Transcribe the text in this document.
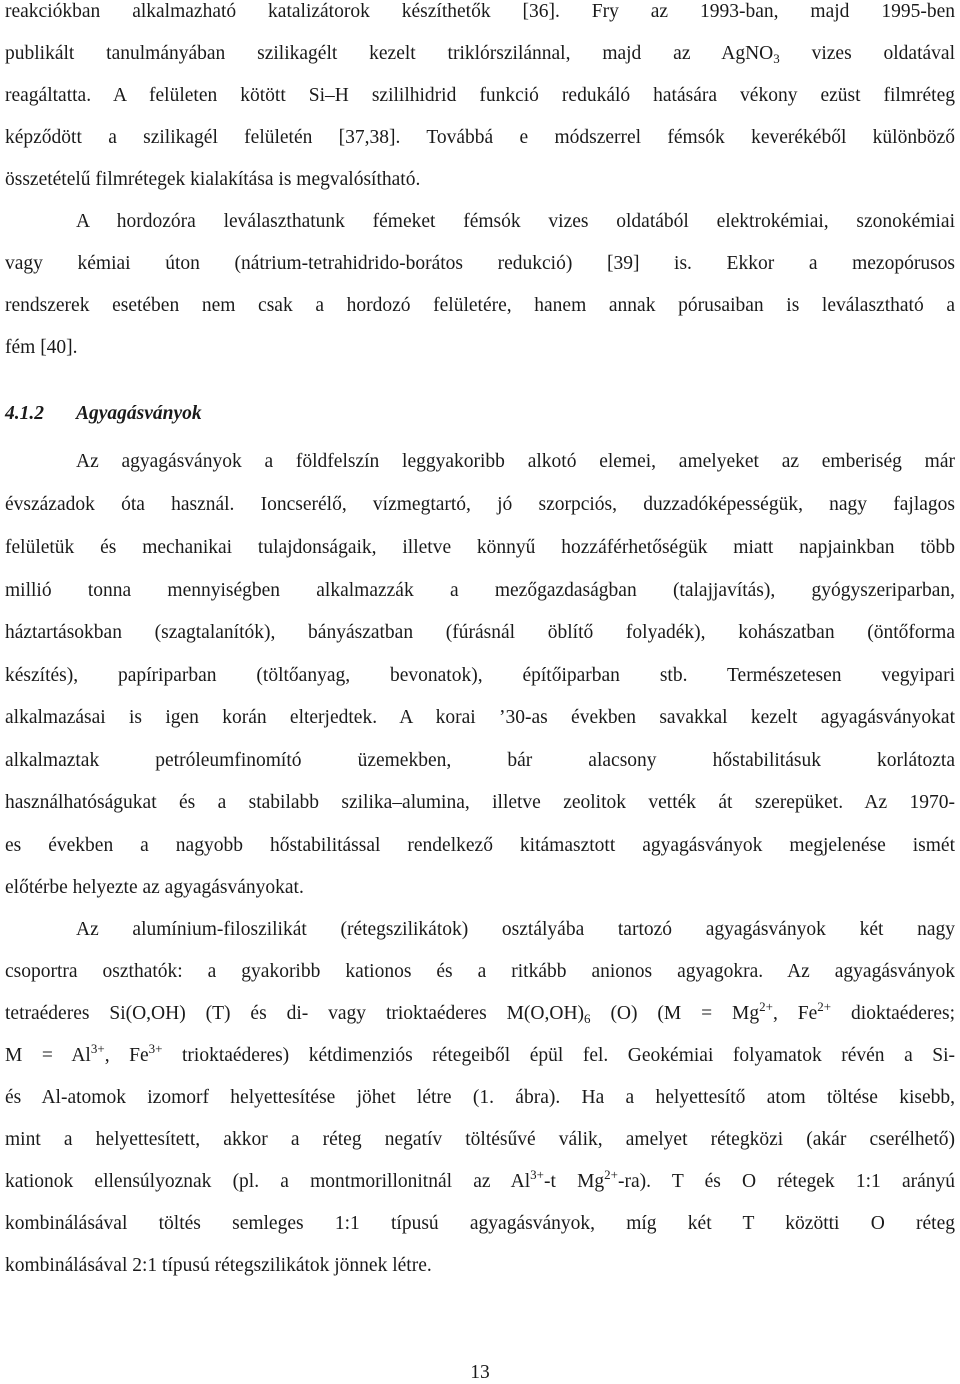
reakciókban alkalmazható katalizátorok készíthetők [36]. Fry az 1993-ban, majd 1995-ben
publikált tanulmányában szilikagélt kezelt triklórszilánnal, majd az AgNO$_3$ vizes oldatával
reagáltatta. A felületen kötött Si–H szililhidrid funkció redukáló hatására vékony ezüst filmréteg
képződött a szilikagél felületén [37,38]. Továbbá e módszerrel fémsók keverékéből különböző
összetételű filmrétegek kialakítása is megvalósítható.
A hordozóra leválaszthatunk fémeket fémsók vizes oldatából elektrokémiai, szonokémiai
vagy kémiai úton (nátrium-tetrahidrido-borátos redukció) [39] is. Ekkor a mezopórusos
rendszerek esetében nem csak a hordozó felületére, hanem annak pórusaiban is leválasztható a
fém [40].
4.1.2 Agyagásványok
Az agyagásványok a földfelszín leggyakoribb alkotó elemei, amelyeket az emberiség már
évszázadok óta használ. Ioncserélő, vízmegtartó, jó szorpciós, duzzadóképességük, nagy fajlagos
felületük és mechanikai tulajdonságaik, illetve könnyű hozzáférhetőségük miatt napjainkban több
millió tonna mennyiségben alkalmazzák a mezőgazdaságban (talajjavítás), gyógyszeriparban,
háztartásokban (szagtalanítók), bányászatban (fúrásnál öblítő folyadék), kohászatban (öntőforma
készítés), papíriparban (töltőanyag, bevonatok), építőiparban stb. Természetesen vegyipari
alkalmazásai is igen korán elterjedtek. A korai ’30-as években savakkal kezelt agyagásványokat
alkalmaztak petróleumfinomító üzemekben, bár alacsony hőstabilitásuk korlátozta
használhatóságukat és a stabilabb szilika–alumina, illetve zeolitok vették át szerepüket. Az 1970-
es években a nagyobb hőstabilitással rendelkező kitámasztott agyagásványok megjelenése ismét
előtérbe helyezte az agyagásványokat.
Az alumínium-filoszilikát (rétegszilikátok) osztályába tartozó agyagásványok két nagy
csoportra oszthatók: a gyakoribb kationos és a ritkább anionos agyagokra. Az agyagásványok
tetraéderes Si(O,OH) (T) és di- vagy trioktaéderes $M(O,OH)_6$ (O) ($M = Mg^{2+}$, $Fe^{2+}$ dioktaéderes;
$M = Al^{3+}$, $Fe^{3+}$ trioktaéderes) kétdimenziós rétegeiből épül fel. Geokémiai folyamatok révén a Si-
és Al-atomok izomorf helyettesítése jöhet létre (1. ábra). Ha a helyettesítő atom töltése kisebb,
mint a helyettesített, akkor a réteg negatív töltésűvé válik, amelyet rétegközi (akár cserélhető)
kationok ellensúlyoznak (pl. a montmorillonitnál az $Al^{3+}-t$ $Mg^{2+}-ra$). T és O rétegek 1:1 arányú
kombinálásával töltés semleges 1:1 típusú agyagásványok, míg két T közötti O réteg
kombinálásával 2:1 típusú rétegszilikátok jönnek létre.
13
